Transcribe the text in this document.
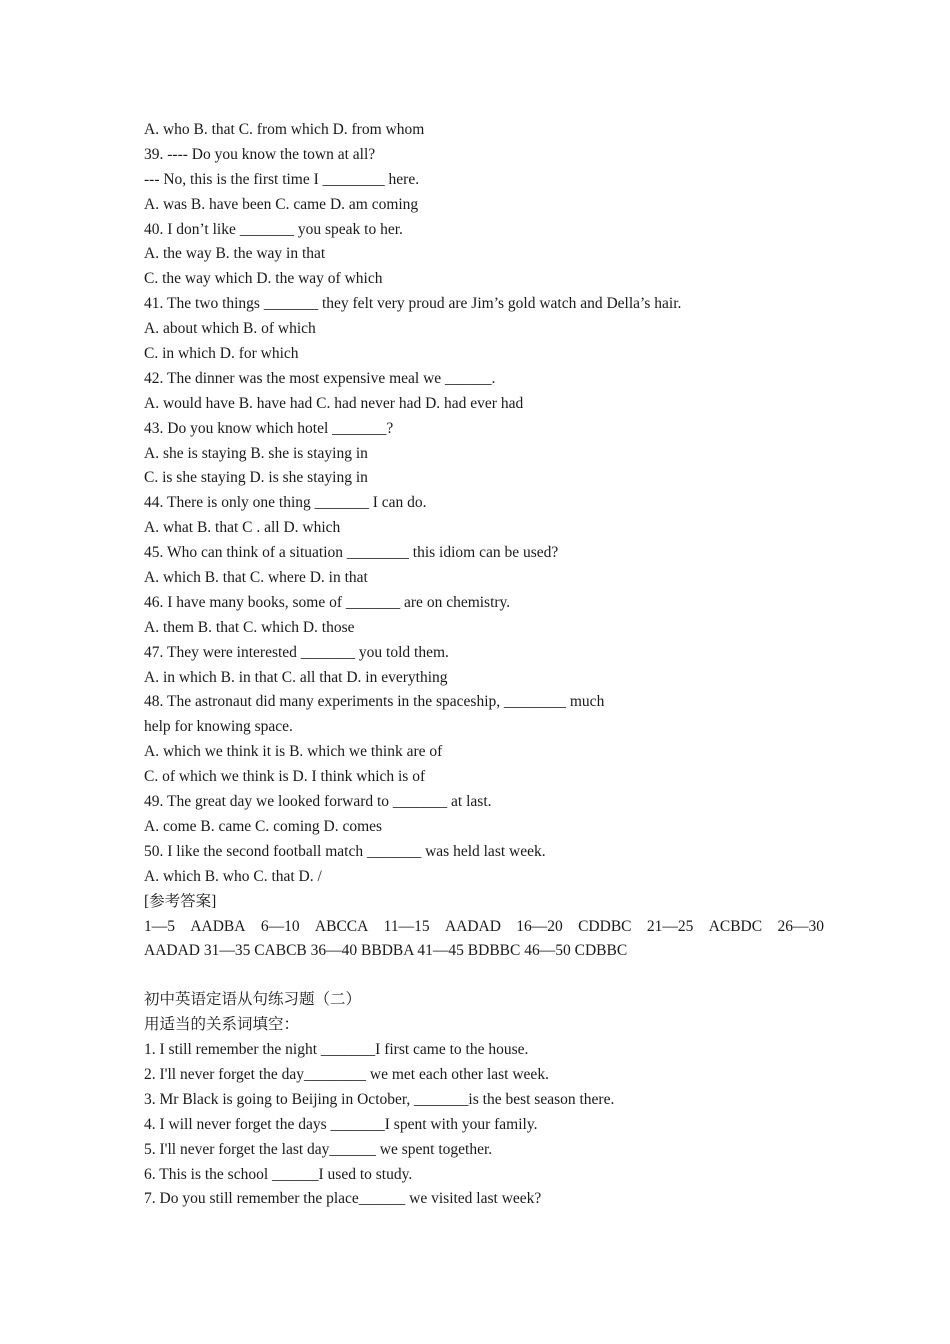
A. who B. that C. from which D. from whom
39. ---- Do you know the town at all?
--- No, this is the first time I ________ here.
A. was B. have been C. came D. am coming
40. I don’t like _______ you speak to her.
A. the way B. the way in that
C. the way which D. the way of which
41. The two things _______ they felt very proud are Jim’s gold watch and Della’s hair.
A. about which B. of which
C. in which D. for which
42. The dinner was the most expensive meal we ______.
A. would have B. have had C. had never had D. had ever had
43. Do you know which hotel _______?
A. she is staying B. she is staying in
C. is she staying D. is she staying in
44. There is only one thing _______ I can do.
A. what B. that C . all D. which
45. Who can think of a situation ________ this idiom can be used?
A. which B. that C. where D. in that
46. I have many books, some of _______ are on chemistry.
A. them B. that C. which D. those
47. They were interested _______ you told them.
A. in which B. in that C. all that D. in everything
48. The astronaut did many experiments in the spaceship, ________ much
help for knowing space.
A. which we think it is B. which we think are of
C. of which we think is D. I think which is of
49. The great day we looked forward to _______ at last.
A. come B. came C. coming D. comes
50. I like the second football match _______ was held last week.
A. which B. who C. that D. /
[参考答案]
1—5 AADBA 6—10 ABCCA 11—15 AADAD 16—20 CDDBC 21—25 ACBDC 26—30
AADAD 31—35 CABCB 36—40 BBDBA 41—45 BDBBC 46—50 CDBBC
初中英语定语从句练习题（二）
用适当的关系词填空：
1. I still remember the night _______I first came to the house.
2. I'll never forget the day________ we met each other last week.
3. Mr Black is going to Beijing in October, _______is the best season there.
4. I will never forget the days _______I spent with your family.
5. I'll never forget the last day______ we spent together.
6. This is the school ______I used to study.
7. Do you still remember the place______ we visited last week?
